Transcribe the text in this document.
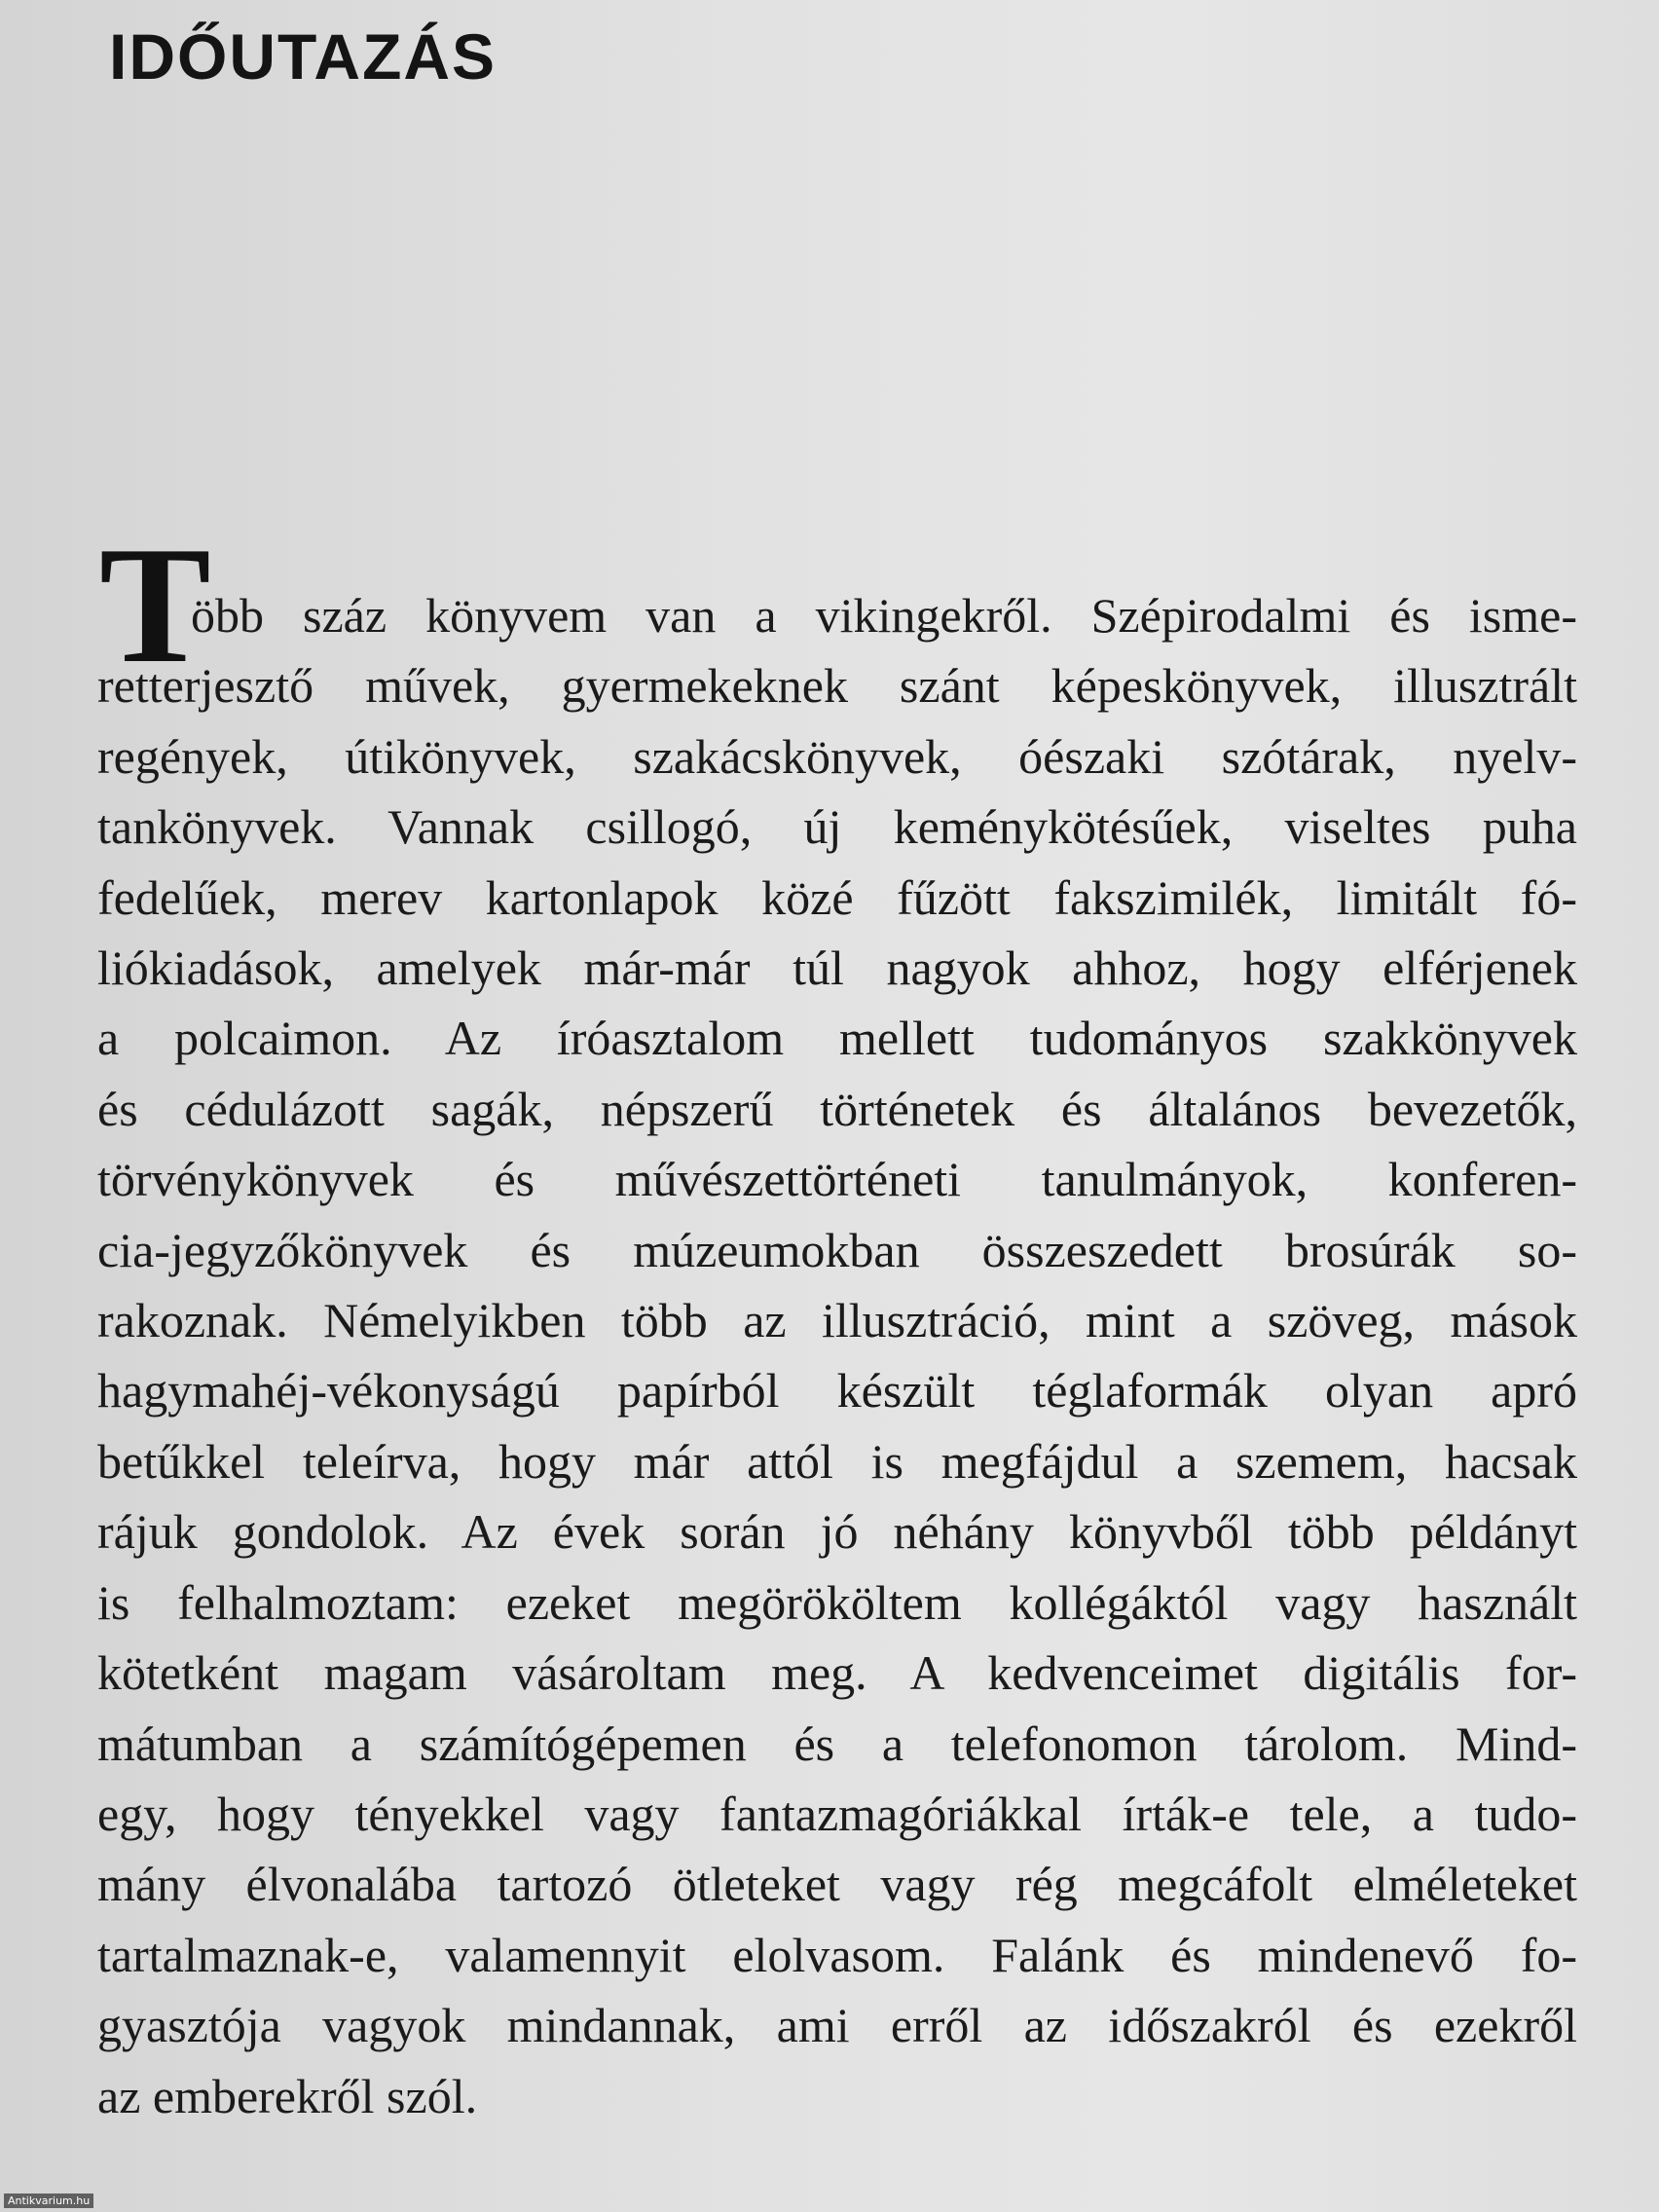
IDŐUTAZÁS
T

öbb száz könyvem van a vikingekről. Szépirodalmi és isme-
retterjesztő művek, gyermekeknek szánt képeskönyvek, illusztrált
regények, útikönyvek, szakácskönyvek, óészaki szótárak, nyelv-
tankönyvek. Vannak csillogó, új keménykötésűek, viseltes puha
fedelűek, merev kartonlapok közé fűzött fakszimilék, limitált fó-
liókiadások, amelyek már-már túl nagyok ahhoz, hogy elférjenek
a polcaimon. Az íróasztalom mellett tudományos szakkönyvek
és cédulázott sagák, népszerű történetek és általános bevezetők,
törvénykönyvek és művészettörténeti tanulmányok, konferen-
cia-jegyzőkönyvek és múzeumokban összeszedett brosúrák so-
rakoznak. Némelyikben több az illusztráció, mint a szöveg, mások
hagymahéj-vékonyságú papírból készült téglaformák olyan apró
betűkkel teleírva, hogy már attól is megfájdul a szemem, hacsak
rájuk gondolok. Az évek során jó néhány könyvből több példányt
is felhalmoztam: ezeket megörököltem kollégáktól vagy használt
kötetként magam vásároltam meg. A kedvenceimet digitális for-
mátumban a számítógépemen és a telefonomon tárolom. Mind-
egy, hogy tényekkel vagy fantazmagóriákkal írták-e tele, a tudo-
mány élvonalába tartozó ötleteket vagy rég megcáfolt elméleteket
tartalmaznak-e, valamennyit elolvasom. Falánk és mindenevő fo-
gyasztója vagyok mindannak, ami erről az időszakról és ezekről
az emberekről szól.

Antikvarium.hu
